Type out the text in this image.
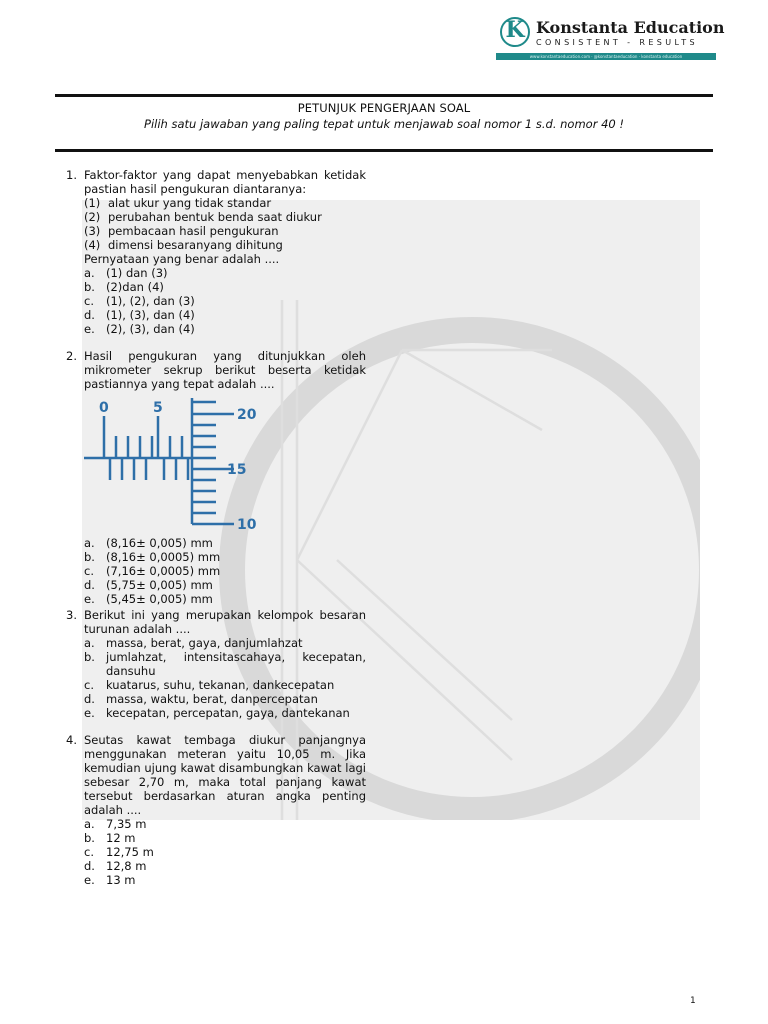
K Konstanta Education
CONSISTENT - RESULTS
www.konstantaeducation.com · @konstantaeducation · konstanta education
PETUNJUK PENGERJAAN SOAL
Pilih satu jawaban yang paling tepat untuk menjawab soal nomor 1 s.d. nomor 40 !
1. Faktor-faktor yang dapat menyebabkan ketidak pastian hasil pengukuran diantaranya:
(1) alat ukur yang tidak standar
(2) perubahan bentuk benda saat diukur
(3) pembacaan hasil pengukuran
(4) dimensi besaranyang dihitung
Pernyataan yang benar adalah ....
a. (1) dan (3)
b. (2)dan (4)
c.	(1), (2), dan (3)
d. (1), (3), dan (4)
e. (2), (3), dan (4)
2. Hasil pengukuran yang ditunjukkan oleh mikrometer sekrup berikut beserta ketidak pastiannya yang tepat adalah ....
0	5	20
15
10
a. (8,16± 0,005) mm
b. (8,16± 0,0005) mm
c.	(7,16± 0,0005) mm
d. (5,75± 0,005) mm
e. (5,45± 0,005) mm
3. Berikut ini yang merupakan kelompok besaran turunan adalah ....
a. massa, berat, gaya, danjumlahzat
b. jumlahzat, intensitascahaya, kecepatan, dansuhu
c.	kuatarus, suhu, tekanan, dankecepatan
d. massa, waktu, berat, danpercepatan
e. kecepatan, percepatan, gaya, dantekanan
4. Seutas kawat tembaga diukur panjangnya menggunakan meteran yaitu 10,05 m. Jika kemudian ujung kawat disambungkan kawat lagi sebesar 2,70 m, maka total panjang kawat tersebut berdasarkan aturan angka penting adalah ....
a. 7,35 m
b. 12 m
c.	12,75 m
d. 12,8 m
e. 13 m
1
